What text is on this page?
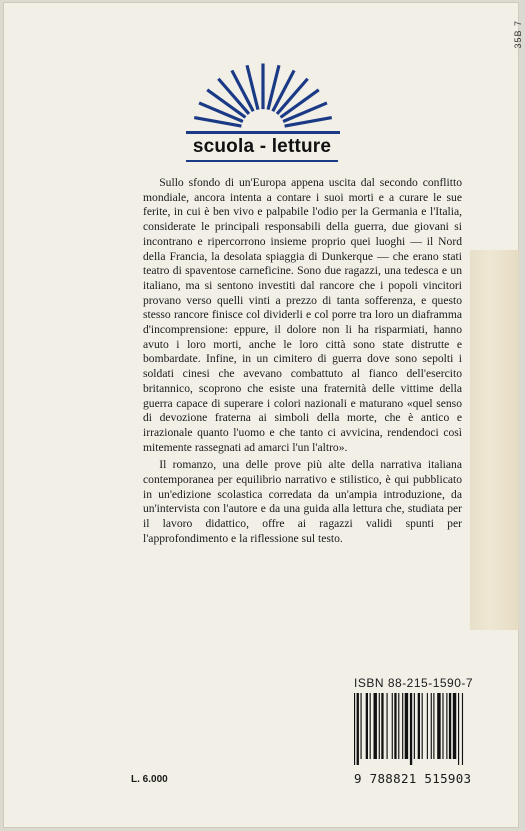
35B 7
scuola - letture

Sullo sfondo di un'Europa appena uscita dal secondo conflitto mondiale, ancora intenta a contare i suoi morti e a curare le sue ferite, in cui è ben vivo e palpabile l'odio per la Germania e l'Italia, considerate le principali responsabili della guerra, due giovani si incontrano e ripercorrono insieme proprio quei luoghi — il Nord della Francia, la desolata spiaggia di Dunkerque — che erano stati teatro di spaventose carneficine. Sono due ragazzi, una tedesca e un italiano, ma si sentono investiti dal rancore che i popoli vincitori provano verso quelli vinti a prezzo di tanta sofferenza, e questo stesso rancore finisce col dividerli e col porre tra loro un diaframma d'incomprensione: eppure, il dolore non li ha risparmiati, hanno avuto i loro morti, anche le loro città sono state distrutte e bombardate. Infine, in un cimitero di guerra dove sono sepolti i soldati cinesi che avevano combattuto al fianco dell'esercito britannico, scoprono che esiste una fraternità delle vittime della guerra capace di superare i colori nazionali e maturano «quel senso di devozione fraterna ai simboli della morte, che è antico e irrazionale quanto l'uomo e che tanto ci avvicina, rendendoci così mitemente rassegnati ad amarci l'un l'altro».

Il romanzo, una delle prove più alte della narrativa italiana contemporanea per equilibrio narrativo e stilistico, è qui pubblicato in un'edizione scolastica corredata da un'ampia introduzione, da un'intervista con l'autore e da una guida alla lettura che, studiata per il lavoro didattico, offre ai ragazzi validi spunti per l'approfondimento e la riflessione sul testo.

ISBN 88-215-1590-7
9 788821 515903
L. 6.000
